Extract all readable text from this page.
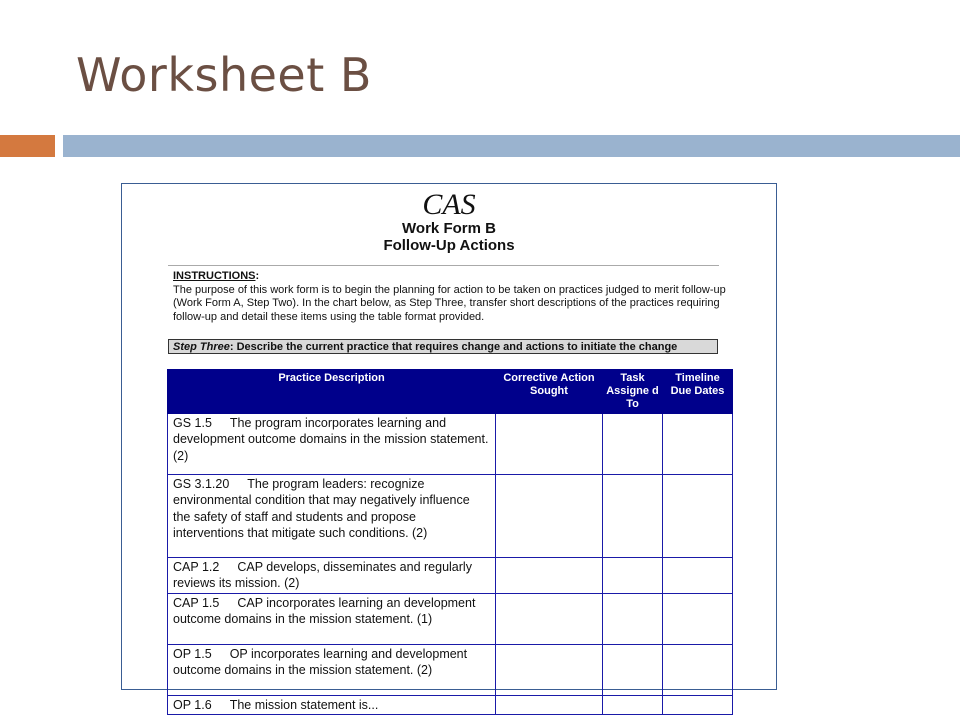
Worksheet B
CAS
Work Form B
Follow-Up Actions
INSTRUCTIONS:
The purpose of this work form is to begin the planning for action to be taken on practices judged to merit follow-up (Work Form A, Step Two). In the chart below, as Step Three, transfer short descriptions of the practices requiring follow-up and detail these items using the table format provided.
Step Three: Describe the current practice that requires change and actions to initiate the change
Practice Description	Corrective Action Sought	Task Assigne d To	Timeline Due Dates
GS 1.5 The program incorporates learning and development outcome domains in the mission statement. (2)			
GS 3.1.20 The program leaders: recognize environmental condition that may negatively influence the safety of staff and students and propose interventions that mitigate such conditions. (2)			
CAP 1.2 CAP develops, disseminates and regularly reviews its mission. (2)			
CAP 1.5 CAP incorporates learning an development outcome domains in the mission statement. (1)			
OP 1.5 OP incorporates learning and development outcome domains in the mission statement. (2)			
OP 1.6 The mission statement is...			
